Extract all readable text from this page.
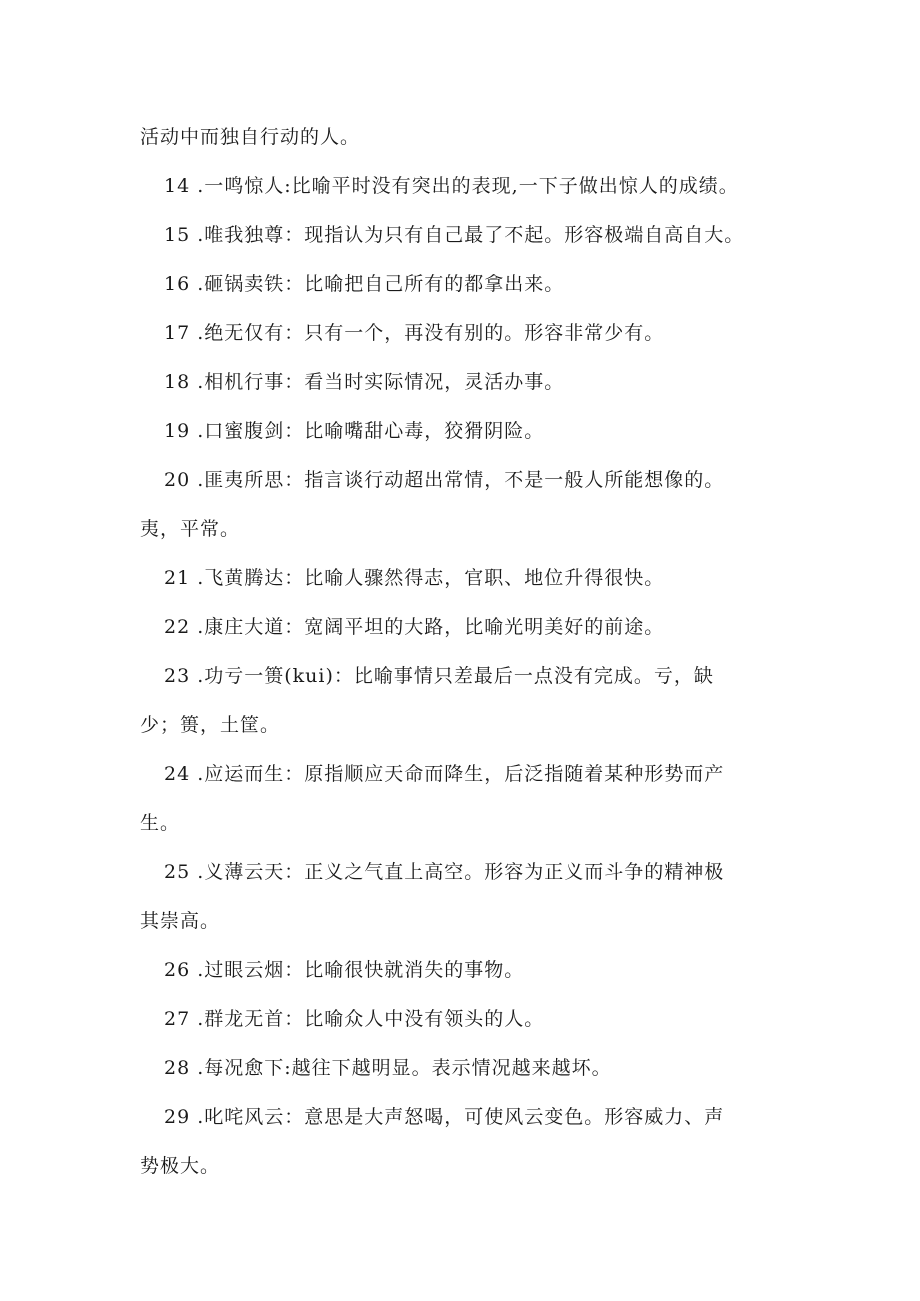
活动中而独自行动的人。
14 .一鸣惊人:比喻平时没有突出的表现,一下子做出惊人的成绩。
15 .唯我独尊：现指认为只有自己最了不起。形容极端自高自大。
16 .砸锅卖铁：比喻把自己所有的都拿出来。
17 .绝无仅有：只有一个，再没有别的。形容非常少有。
18 .相机行事：看当时实际情况，灵活办事。
19 .口蜜腹剑：比喻嘴甜心毒，狡猾阴险。
20 .匪夷所思：指言谈行动超出常情，不是一般人所能想像的。
夷，平常。
21 .飞黄腾达：比喻人骤然得志，官职、地位升得很快。
22 .康庄大道：宽阔平坦的大路，比喻光明美好的前途。
23 .功亏一篑(kui)：比喻事情只差最后一点没有完成。亏，缺
少；篑，土筐。
24 .应运而生：原指顺应天命而降生，后泛指随着某种形势而产
生。
25 .义薄云天：正义之气直上高空。形容为正义而斗争的精神极
其崇高。
26 .过眼云烟：比喻很快就消失的事物。
27 .群龙无首：比喻众人中没有领头的人。
28 .每况愈下:越往下越明显。表示情况越来越坏。
29 .叱咤风云：意思是大声怒喝，可使风云变色。形容威力、声
势极大。
